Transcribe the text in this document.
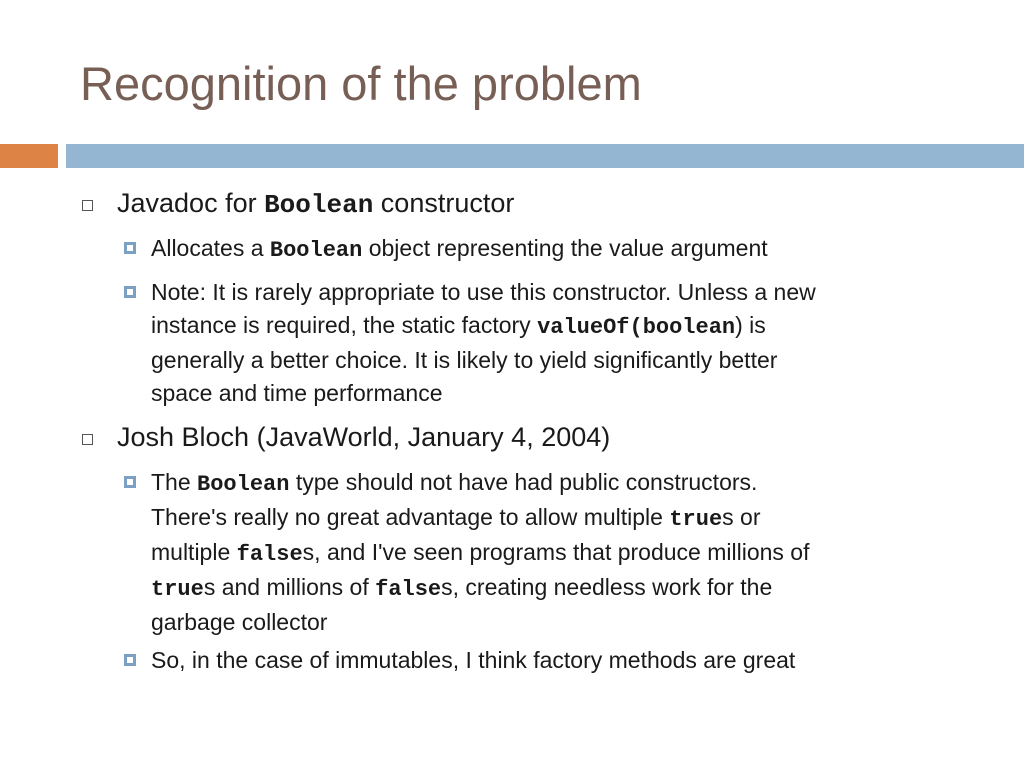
Recognition of the problem
Javadoc for Boolean constructor
Allocates a Boolean object representing the value argument
Note: It is rarely appropriate to use this constructor. Unless a new
instance is required, the static factory valueOf(boolean) is
generally a better choice. It is likely to yield significantly better
space and time performance
Josh Bloch (JavaWorld, January 4, 2004)
The Boolean type should not have had public constructors.
There's really no great advantage to allow multiple trues or
multiple falses, and I've seen programs that produce millions of
trues and millions of falses, creating needless work for the
garbage collector
So, in the case of immutables, I think factory methods are great
